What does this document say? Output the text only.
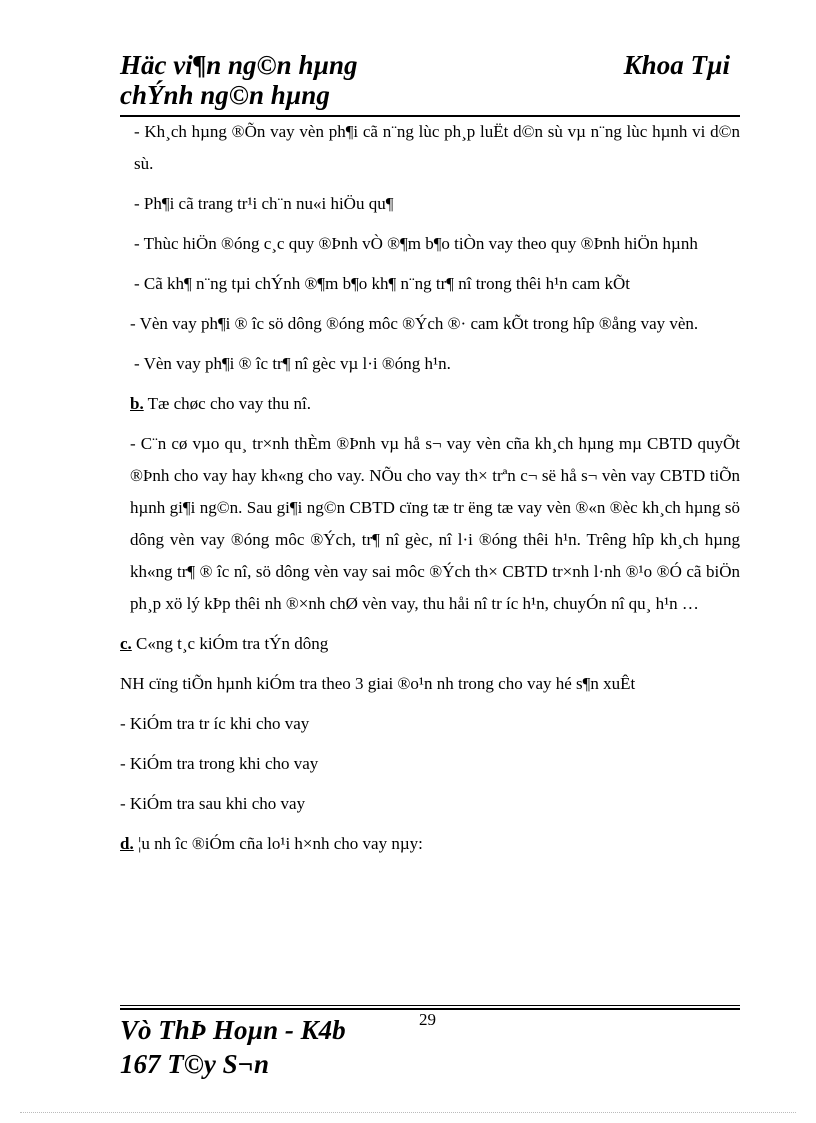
Häc vi¶n ng©n hµng
chÝnh ng©n hµng
Khoa Tµi

- Kh¸ch hµng ®Õn vay vèn ph¶i cã n¨ng lùc ph¸p luËt d©n sù vµ n¨ng lùc hµnh vi d©n sù.

- Ph¶i cã trang tr¹i ch¨n nu«i hiÖu qu¶

- Thùc hiÖn ®óng c¸c quy ®Þnh vÒ ®¶m b¶o tiÒn vay theo quy ®Þnh hiÖn hµnh

- Cã kh¶ n¨ng tµi chÝnh ®¶m b¶o kh¶ n¨ng tr¶ nî trong thêi h¹n cam kÕt

- Vèn vay ph¶i ® îc sö dông ®óng môc ®Ých ®· cam kÕt trong hîp ®ång vay vèn.

- Vèn vay ph¶i ® îc tr¶ nî gèc vµ l·i ®óng h¹n.

b. Tæ chøc cho vay thu nî.

- C¨n cø vµo qu¸ tr×nh thÈm ®Þnh vµ hå s¬ vay vèn cña kh¸ch hµng mµ CBTD quyÕt ®Þnh cho vay hay kh«ng cho vay. NÕu cho vay th× trªn c¬ së hå s¬ vèn vay CBTD tiÕn hµnh gi¶i ng©n. Sau gi¶i ng©n CBTD cïng tæ tr ëng tæ vay vèn ®«n ®èc kh¸ch hµng sö dông vèn vay ®óng môc ®Ých, tr¶ nî gèc, nî l·i ®óng thêi h¹n. Trêng hîp kh¸ch hµng kh«ng tr¶ ® îc nî, sö dông vèn vay sai môc ®Ých th× CBTD tr×nh l·nh ®¹o ®Ó cã biÖn ph¸p xö lý kÞp thêi nh ®×nh chØ vèn vay, thu håi nî tr íc h¹n, chuyÓn nî qu¸ h¹n …

c. C«ng t¸c kiÓm tra tÝn dông

NH cïng tiÕn hµnh kiÓm tra theo 3 giai ®o¹n nh trong cho vay hé s¶n xuÊt

- KiÓm tra tr íc khi cho vay

- KiÓm tra trong khi cho vay

- KiÓm tra sau khi cho vay

d. ¦u nh îc ®iÓm cña lo¹i h×nh cho vay nµy:

Vò ThÞ Hoµn - K4b
167 T©y S¬n
29
